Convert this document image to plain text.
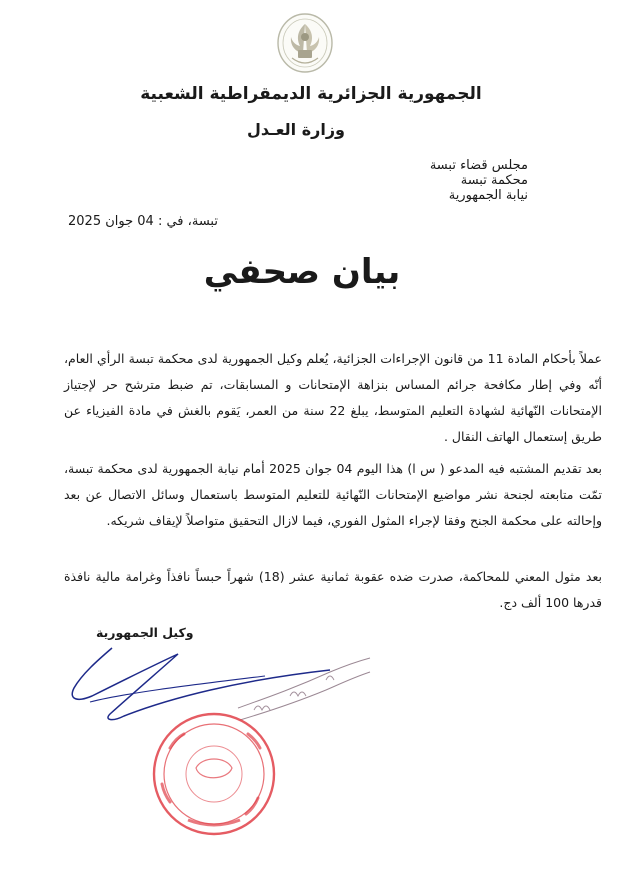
الجمهورية الجزائرية الديمقراطية الشعبية
وزارة العـدل
مجلس قضاء تبسة
محكمة تبسة
نيابة الجمهورية
تبسة، في : 04 جوان 2025
بيان صحفي
عملاً بأحكام المادة 11 من قانون الإجراءات الجزائية، يُعلم وكيل الجمهورية لدى محكمة تبسة الرأي العام، أنّه وفي إطار مكافحة جرائم المساس بنزاهة الإمتحانات و المسابقات، تم ضبط مترشح حر لإجتياز الإمتحانات النّهائية لشهادة التعليم المتوسط، يبلغ 22 سنة من العمر، يَقوم بالغش في مادة الفيزياء عن طريق إستعمال الهاتف النقال .
بعد تقديم المشتبه فيه المدعو ( س ا) هذا اليوم 04 جوان 2025 أمام نيابة الجمهورية لدى محكمة تبسة، تمّت متابعته لجنحة نشر مواضيع الإمتحانات النّهائية للتعليم المتوسط باستعمال وسائل الاتصال عن بعد وإحالته على محكمة الجنح وفقا لإجراء المثول الفوري، فيما لازال التحقيق متواصلاً لإيقاف شريكه.
بعد مثول المعني للمحاكمة، صدرت ضده عقوبة ثمانية عشر (18) شهراً حبساً نافذاً وغرامة مالية نافذة قدرها 100 ألف دج.
وكيل الجمهورية
